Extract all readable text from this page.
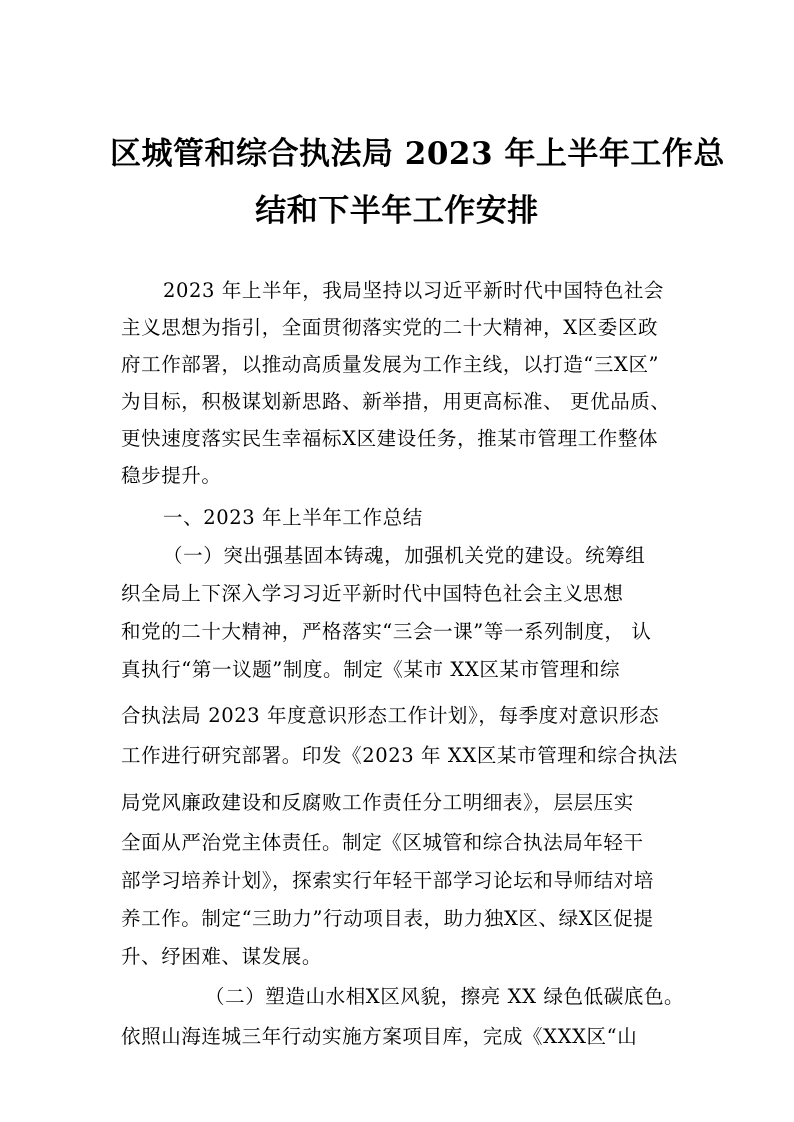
区城管和综合执法局 2023 年上半年工作总
结和下半年工作安排
2023 年上半年，我局坚持以习近平新时代中国特色社会
主义思想为指引，全面贯彻落实党的二十大精神，X区委区政
府工作部署，以推动高质量发展为工作主线，以打造“三X区”
为目标，积极谋划新思路、新举措，用更高标准、 更优品质、
更快速度落实民生幸福标X区建设任务，推某市管理工作整体
稳步提升。
一、2023 年上半年工作总结
（一）突出强基固本铸魂，加强机关党的建设。统筹组
织全局上下深入学习习近平新时代中国特色社会主义思想
和党的二十大精神，严格落实“三会一课”等一系列制度， 认
真执行“第一议题”制度。制定《某市 XX区某市管理和综
合执法局 2023 年度意识形态工作计划》，每季度对意识形态
工作进行研究部署。印发《2023 年 XX区某市管理和综合执法
局党风廉政建设和反腐败工作责任分工明细表》，层层压实
全面从严治党主体责任。制定《区城管和综合执法局年轻干
部学习培养计划》，探索实行年轻干部学习论坛和导师结对培
养工作。制定“三助力”行动项目表，助力独X区、绿X区促提
升、纾困难、谋发展。
（二）塑造山水相X区风貌，擦亮 XX 绿色低碳底色。
依照山海连城三年行动实施方案项目库，完成《XXX区“山
